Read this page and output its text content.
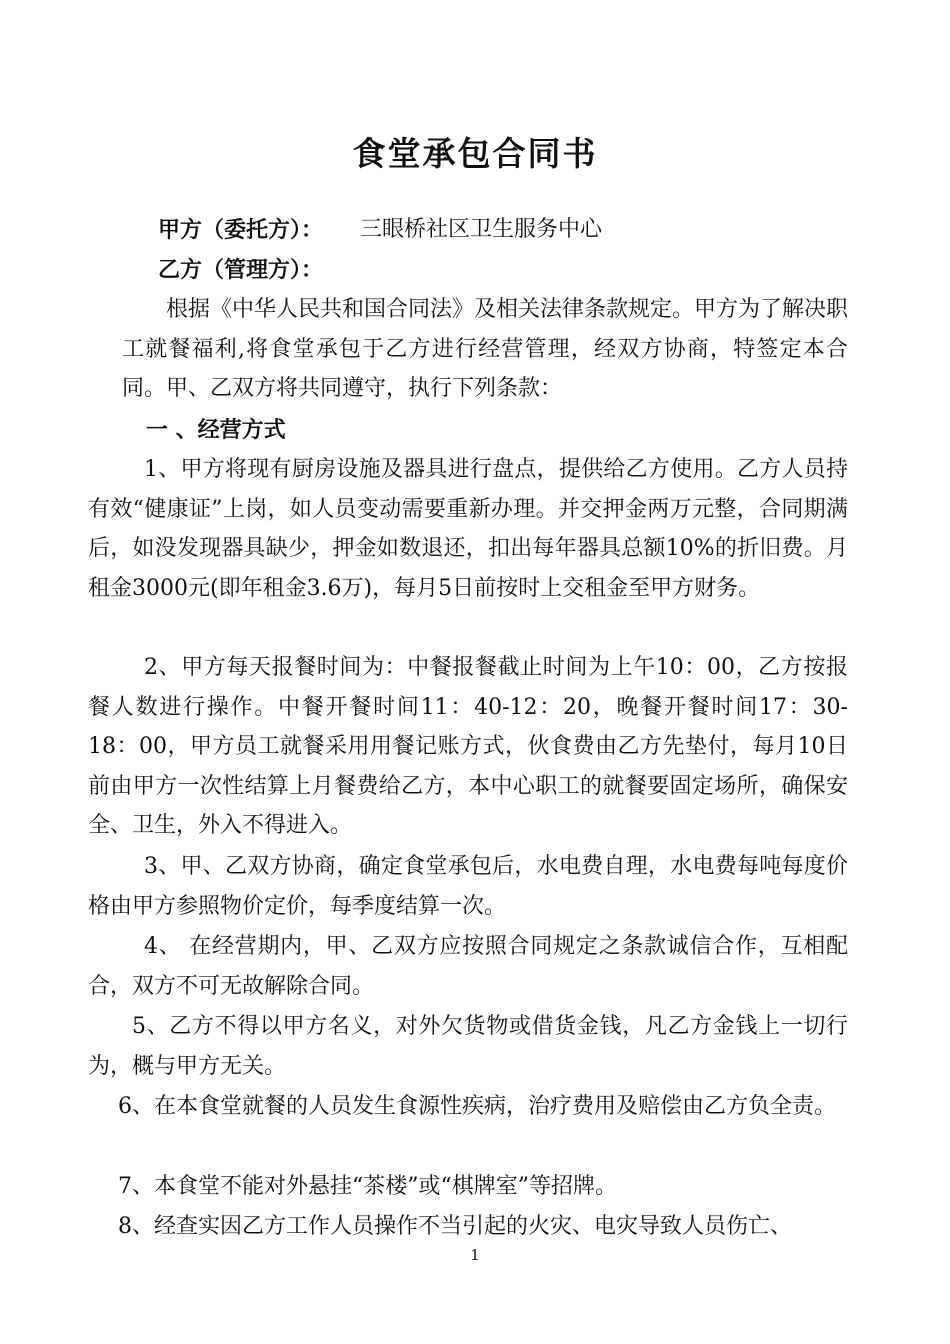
食堂承包合同书
甲方（委托方）： 三眼桥社区卫生服务中心
乙方（管理方）：
根据《中华人民共和国合同法》及相关法律条款规定。甲方为了解决职工就餐福利,将食堂承包于乙方进行经营管理，经双方协商，特签定本合同。甲、乙双方将共同遵守，执行下列条款：
一 、经营方式
1、甲方将现有厨房设施及器具进行盘点，提供给乙方使用。乙方人员持有效“健康证”上岗，如人员变动需要重新办理。并交押金两万元整，合同期满后，如没发现器具缺少，押金如数退还，扣出每年器具总额10%的折旧费。月租金3000元(即年租金3.6万)，每月5日前按时上交租金至甲方财务。
2、甲方每天报餐时间为：中餐报餐截止时间为上午10：00，乙方按报餐人数进行操作。中餐开餐时间11：40-12：20，晚餐开餐时间17：30-18：00，甲方员工就餐采用用餐记账方式，伙食费由乙方先垫付，每月10日前由甲方一次性结算上月餐费给乙方，本中心职工的就餐要固定场所，确保安全、卫生，外入不得进入。
3、甲、乙双方协商，确定食堂承包后，水电费自理，水电费每吨每度价格由甲方参照物价定价，每季度结算一次。
4、 在经营期内，甲、乙双方应按照合同规定之条款诚信合作，互相配合，双方不可无故解除合同。
5、乙方不得以甲方名义，对外欠货物或借货金钱，凡乙方金钱上一切行为，概与甲方无关。
6、在本食堂就餐的人员发生食源性疾病，治疗费用及赔偿由乙方负全责。
7、本食堂不能对外悬挂“茶楼”或“棋牌室”等招牌。
8、经查实因乙方工作人员操作不当引起的火灾、电灾导致人员伤亡、
1
